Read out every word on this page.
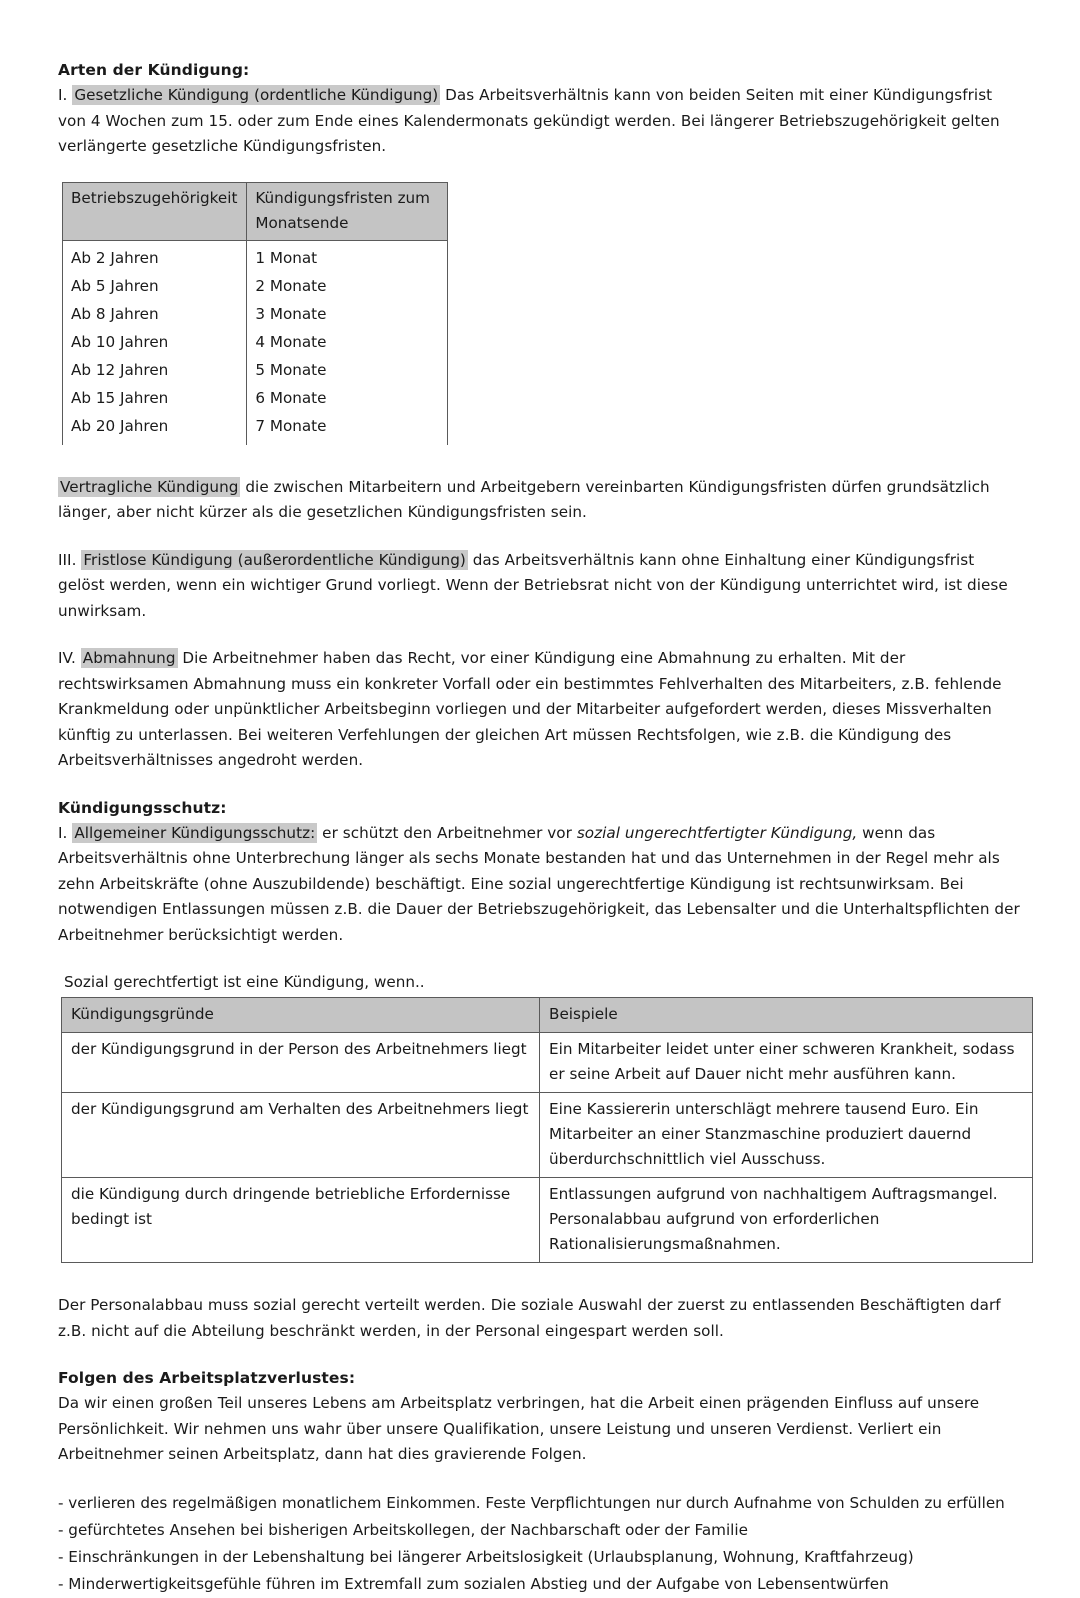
Arten der Kündigung:

I. Gesetzliche Kündigung (ordentliche Kündigung) Das Arbeitsverhältnis kann von beiden Seiten mit einer Kündigungsfrist von 4 Wochen zum 15. oder zum Ende eines Kalendermonats gekündigt werden. Bei längerer Betriebszugehörigkeit gelten verlängerte gesetzliche Kündigungsfristen.

Betriebszugehörigkeit	Kündigungsfristen zum Monatsende
Ab 2 Jahren	1 Monat
Ab 5 Jahren	2 Monate
Ab 8 Jahren	3 Monate
Ab 10 Jahren	4 Monate
Ab 12 Jahren	5 Monate
Ab 15 Jahren	6 Monate
Ab 20 Jahren	7 Monate

Vertragliche Kündigung die zwischen Mitarbeitern und Arbeitgebern vereinbarten Kündigungsfristen dürfen grundsätzlich länger, aber nicht kürzer als die gesetzlichen Kündigungsfristen sein.

III. Fristlose Kündigung (außerordentliche Kündigung) das Arbeitsverhältnis kann ohne Einhaltung einer Kündigungsfrist gelöst werden, wenn ein wichtiger Grund vorliegt. Wenn der Betriebsrat nicht von der Kündigung unterrichtet wird, ist diese unwirksam.

IV. Abmahnung Die Arbeitnehmer haben das Recht, vor einer Kündigung eine Abmahnung zu erhalten. Mit der rechtswirksamen Abmahnung muss ein konkreter Vorfall oder ein bestimmtes Fehlverhalten des Mitarbeiters, z.B. fehlende Krankmeldung oder unpünktlicher Arbeitsbeginn vorliegen und der Mitarbeiter aufgefordert werden, dieses Missverhalten künftig zu unterlassen. Bei weiteren Verfehlungen der gleichen Art müssen Rechtsfolgen, wie z.B. die Kündigung des Arbeitsverhältnisses angedroht werden.

Kündigungsschutz:

I. Allgemeiner Kündigungsschutz: er schützt den Arbeitnehmer vor sozial ungerechtfertigter Kündigung, wenn das Arbeitsverhältnis ohne Unterbrechung länger als sechs Monate bestanden hat und das Unternehmen in der Regel mehr als zehn Arbeitskräfte (ohne Auszubildende) beschäftigt. Eine sozial ungerechtfertige Kündigung ist rechtsunwirksam. Bei notwendigen Entlassungen müssen z.B. die Dauer der Betriebszugehörigkeit, das Lebensalter und die Unterhaltspflichten der Arbeitnehmer berücksichtigt werden.

Sozial gerechtfertigt ist eine Kündigung, wenn..

Kündigungsgründe	Beispiele
der Kündigungsgrund in der Person des Arbeitnehmers liegt	Ein Mitarbeiter leidet unter einer schweren Krankheit, sodass er seine Arbeit auf Dauer nicht mehr ausführen kann.
der Kündigungsgrund am Verhalten des Arbeitnehmers liegt	Eine Kassiererin unterschlägt mehrere tausend Euro. Ein Mitarbeiter an einer Stanzmaschine produziert dauernd überdurchschnittlich viel Ausschuss.
die Kündigung durch dringende betriebliche Erfordernisse bedingt ist	Entlassungen aufgrund von nachhaltigem Auftragsmangel. Personalabbau aufgrund von erforderlichen Rationalisierungsmaßnahmen.

Der Personalabbau muss sozial gerecht verteilt werden. Die soziale Auswahl der zuerst zu entlassenden Beschäftigten darf z.B. nicht auf die Abteilung beschränkt werden, in der Personal eingespart werden soll.

Folgen des Arbeitsplatzverlustes:

Da wir einen großen Teil unseres Lebens am Arbeitsplatz verbringen, hat die Arbeit einen prägenden Einfluss auf unsere Persönlichkeit. Wir nehmen uns wahr über unsere Qualifikation, unsere Leistung und unseren Verdienst. Verliert ein Arbeitnehmer seinen Arbeitsplatz, dann hat dies gravierende Folgen.

- verlieren des regelmäßigen monatlichem Einkommen. Feste Verpflichtungen nur durch Aufnahme von Schulden zu erfüllen
- gefürchtetes Ansehen bei bisherigen Arbeitskollegen, der Nachbarschaft oder der Familie
- Einschränkungen in der Lebenshaltung bei längerer Arbeitslosigkeit (Urlaubsplanung, Wohnung, Kraftfahrzeug)
- Minderwertigkeitsgefühle führen im Extremfall zum sozialen Abstieg und der Aufgabe von Lebensentwürfen
